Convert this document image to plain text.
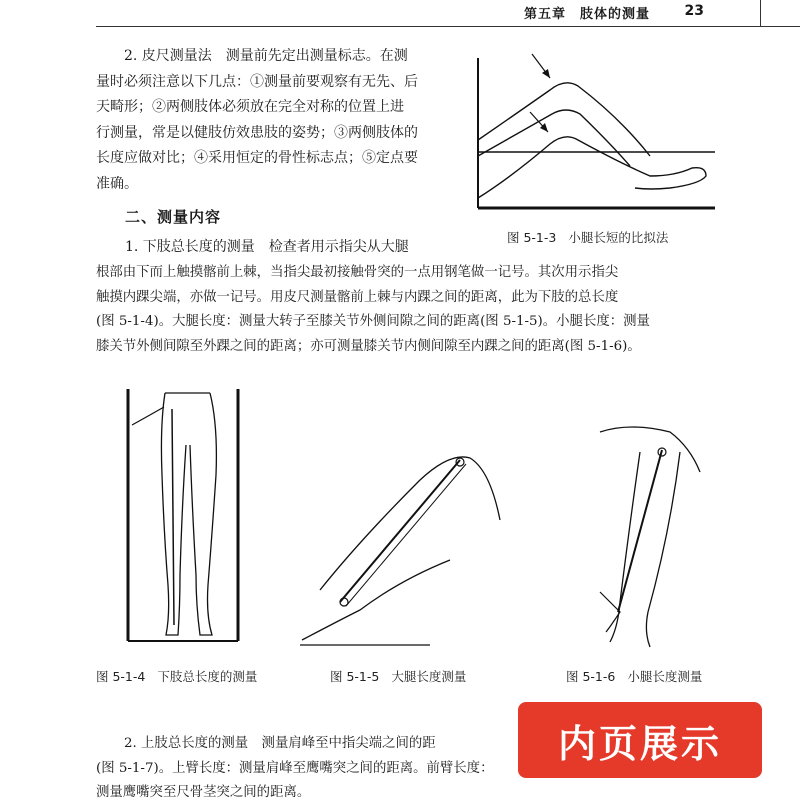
第五章　肢体的测量 23
2. 皮尺测量法　测量前先定出测量标志。在测
量时必须注意以下几点：①测量前要观察有无先、后
天畸形；②两侧肢体必须放在完全对称的位置上进
行测量，常是以健肢仿效患肢的姿势；③两侧肢体的
长度应做对比；④采用恒定的骨性标志点；⑤定点要
准确。
图 5-1-3 小腿长短的比拟法
二、测量内容
1. 下肢总长度的测量　检查者用示指尖从大腿
根部由下而上触摸髂前上棘，当指尖最初接触骨突的一点用钢笔做一记号。其次用示指尖
触摸内踝尖端，亦做一记号。用皮尺测量髂前上棘与内踝之间的距离，此为下肢的总长度
(图 5-1-4)。大腿长度：测量大转子至膝关节外侧间隙之间的距离(图 5-1-5)。小腿长度：测量
膝关节外侧间隙至外踝之间的距离；亦可测量膝关节内侧间隙至内踝之间的距离(图 5-1-6)。
图 5-1-4 下肢总长度的测量	图 5-1-5 大腿长度测量	图 5-1-6 小腿长度测量
2. 上肢总长度的测量　测量肩峰至中指尖端之间的距
(图 5-1-7)。上臂长度：测量肩峰至鹰嘴突之间的距离。前臂长度：
测量鹰嘴突至尺骨茎突之间的距离。
内页展示
